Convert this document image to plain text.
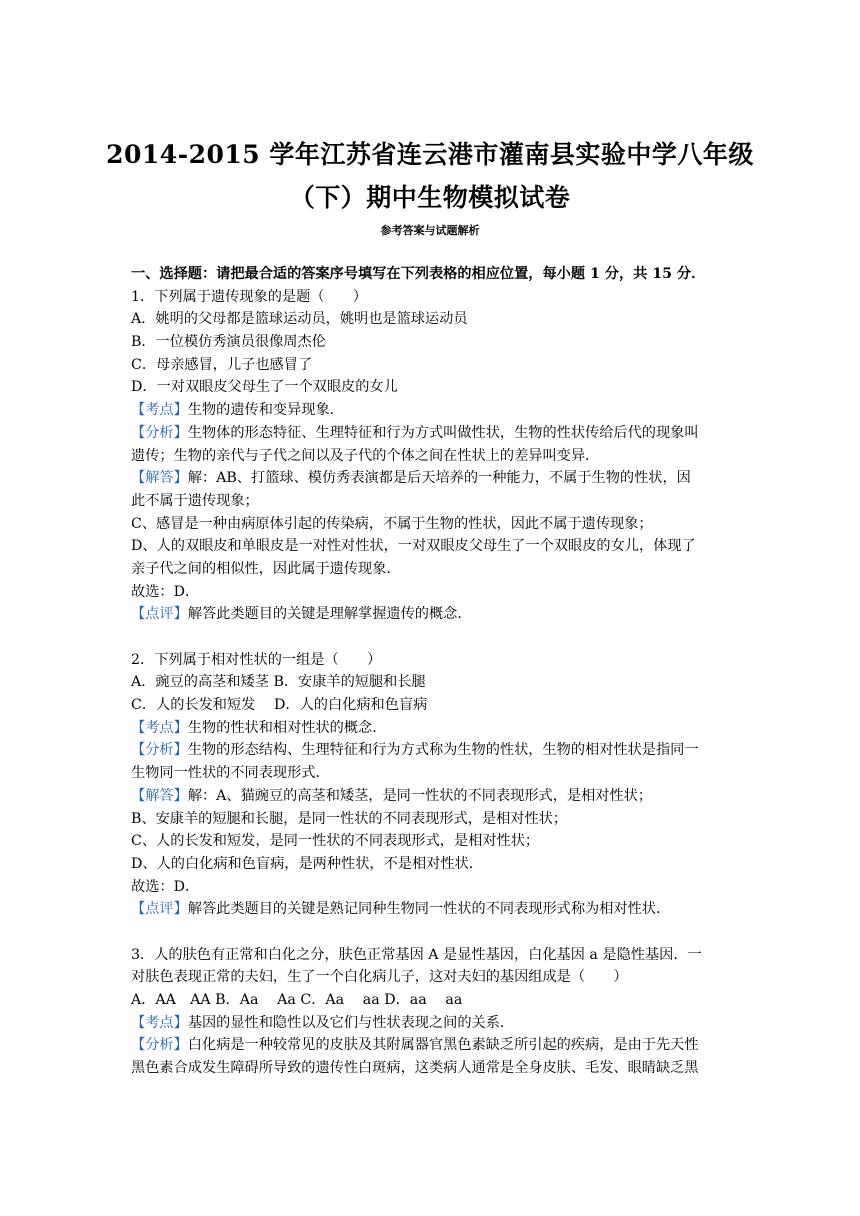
2014-2015 学年江苏省连云港市灌南县实验中学八年级
（下）期中生物模拟试卷
参考答案与试题解析
一、选择题：请把最合适的答案序号填写在下列表格的相应位置，每小题 1 分，共 15 分．
1．下列属于遗传现象的是题（　　）
A．姚明的父母都是篮球运动员，姚明也是篮球运动员
B．一位模仿秀演员很像周杰伦
C．母亲感冒，儿子也感冒了
D．一对双眼皮父母生了一个双眼皮的女儿
【考点】生物的遗传和变异现象．
【分析】生物体的形态特征、生理特征和行为方式叫做性状，生物的性状传给后代的现象叫
遗传；生物的亲代与子代之间以及子代的个体之间在性状上的差异叫变异．
【解答】解：AB、打篮球、模仿秀表演都是后天培养的一种能力，不属于生物的性状，因
此不属于遗传现象；
C、感冒是一种由病原体引起的传染病，不属于生物的性状，因此不属于遗传现象；
D、人的双眼皮和单眼皮是一对性对性状，一对双眼皮父母生了一个双眼皮的女儿，体现了
亲子代之间的相似性，因此属于遗传现象．
故选：D．
【点评】解答此类题目的关键是理解掌握遗传的概念．
2．下列属于相对性状的一组是（　　）
A．豌豆的高茎和矮茎 B．安康羊的短腿和长腿
C．人的长发和短发　 D．人的白化病和色盲病
【考点】生物的性状和相对性状的概念．
【分析】生物的形态结构、生理特征和行为方式称为生物的性状，生物的相对性状是指同一
生物同一性状的不同表现形式．
【解答】解：A、猫豌豆的高茎和矮茎，是同一性状的不同表现形式，是相对性状；
B、安康羊的短腿和长腿，是同一性状的不同表现形式，是相对性状；
C、人的长发和短发，是同一性状的不同表现形式，是相对性状；
D、人的白化病和色盲病，是两种性状，不是相对性状．
故选：D．
【点评】解答此类题目的关键是熟记同种生物同一性状的不同表现形式称为相对性状．
3．人的肤色有正常和白化之分，肤色正常基因 A 是显性基因，白化基因 a 是隐性基因．一
对肤色表现正常的夫妇，生了一个白化病儿子，这对夫妇的基因组成是（　　）
A．AA　AA B．Aa　 Aa C．Aa　 aa D．aa　 aa
【考点】基因的显性和隐性以及它们与性状表现之间的关系．
【分析】白化病是一种较常见的皮肤及其附属器官黑色素缺乏所引起的疾病，是由于先天性
黑色素合成发生障碍所导致的遗传性白斑病，这类病人通常是全身皮肤、毛发、眼睛缺乏黑
